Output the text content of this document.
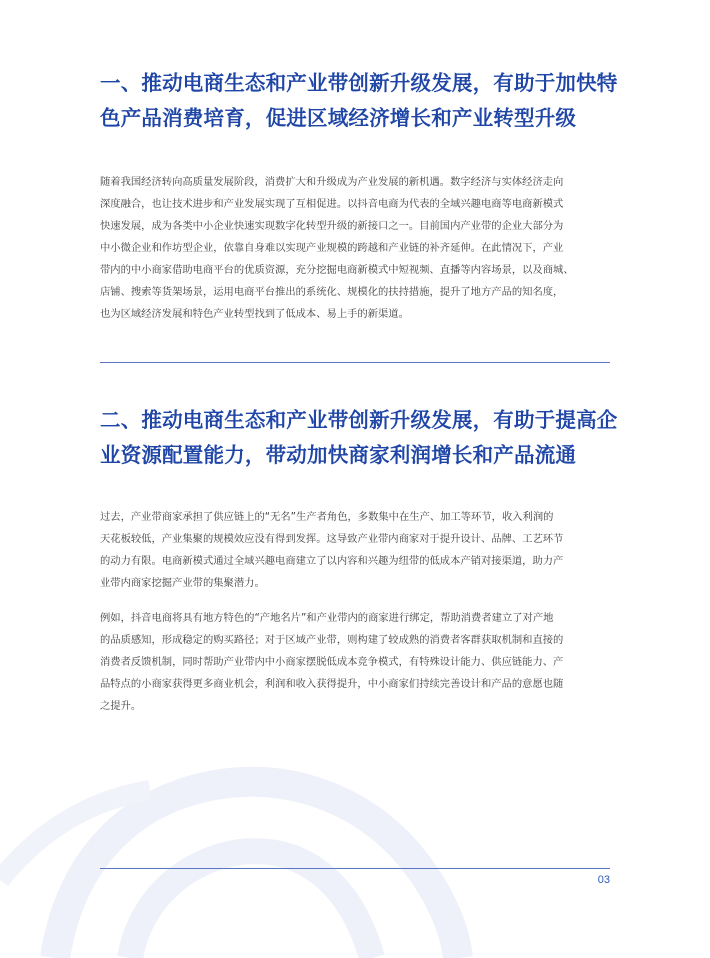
一、推动电商生态和产业带创新升级发展，有助于加快特
色产品消费培育，促进区域经济增长和产业转型升级

随着我国经济转向高质量发展阶段，消费扩大和升级成为产业发展的新机遇。数字经济与实体经济走向
深度融合，也让技术进步和产业发展实现了互相促进。以抖音电商为代表的全域兴趣电商等电商新模式
快速发展，成为各类中小企业快速实现数字化转型升级的新接口之一。目前国内产业带的企业大部分为
中小微企业和作坊型企业，依靠自身难以实现产业规模的跨越和产业链的补齐延伸。在此情况下，产业
带内的中小商家借助电商平台的优质资源，充分挖掘电商新模式中短视频、直播等内容场景，以及商城、
店铺、搜索等货架场景，运用电商平台推出的系统化、规模化的扶持措施，提升了地方产品的知名度，
也为区域经济发展和特色产业转型找到了低成本、易上手的新渠道。

二、推动电商生态和产业带创新升级发展，有助于提高企
业资源配置能力，带动加快商家利润增长和产品流通

过去，产业带商家承担了供应链上的“无名”生产者角色，多数集中在生产、加工等环节，收入利润的
天花板较低，产业集聚的规模效应没有得到发挥。这导致产业带内商家对于提升设计、品牌、工艺环节
的动力有限。电商新模式通过全域兴趣电商建立了以内容和兴趣为纽带的低成本产销对接渠道，助力产
业带内商家挖掘产业带的集聚潜力。

例如，抖音电商将具有地方特色的“产地名片”和产业带内的商家进行绑定，帮助消费者建立了对产地
的品质感知，形成稳定的购买路径；对于区域产业带，则构建了较成熟的消费者客群获取机制和直接的
消费者反馈机制，同时帮助产业带内中小商家摆脱低成本竞争模式，有特殊设计能力、供应链能力、产
品特点的小商家获得更多商业机会，利润和收入获得提升，中小商家们持续完善设计和产品的意愿也随
之提升。

03
